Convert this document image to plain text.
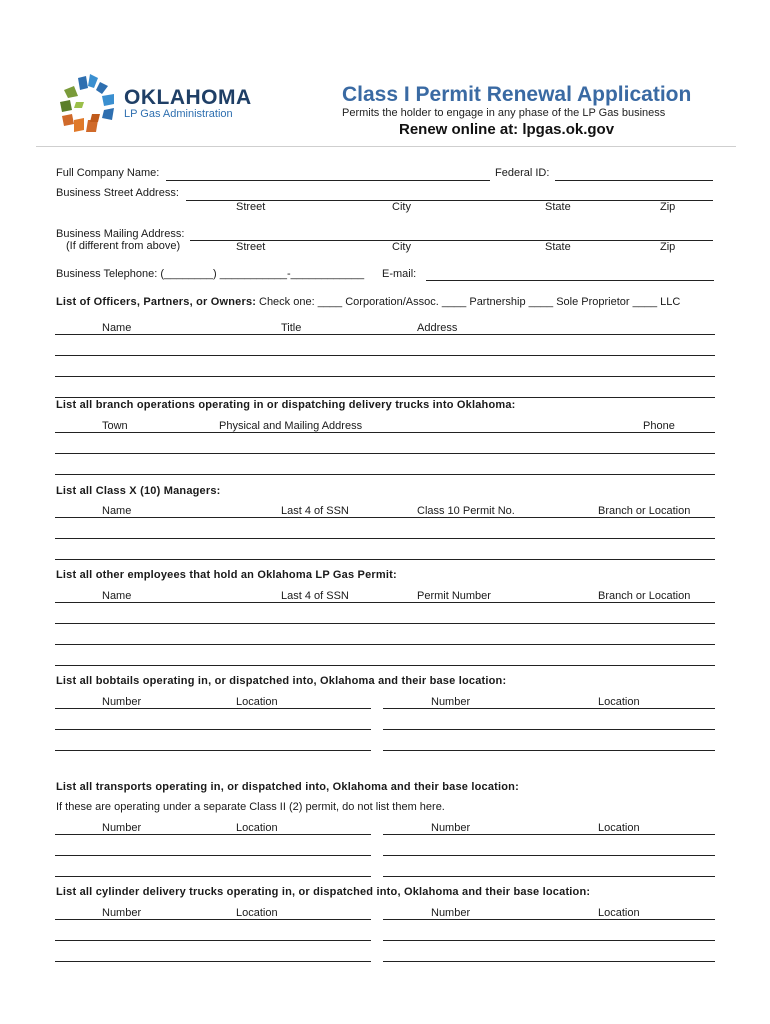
OKLAHOMA
LP Gas Administration
Class I Permit Renewal Application
Permits the holder to engage in any phase of the LP Gas business
Renew online at: lpgas.ok.gov
Full Company Name:	Federal ID:
Business Street Address:
Street	City	State	Zip
Business Mailing Address:
(If different from above)	Street	City	State	Zip
Business Telephone: (________) ___________-____________ E-mail:
List of Officers, Partners, or Owners: Check one: ____ Corporation/Assoc. ____ Partnership ____ Sole Proprietor ____ LLC
Name	Title	Address
List all branch operations operating in or dispatching delivery trucks into Oklahoma:
Town	Physical and Mailing Address	Phone
List all Class X (10) Managers:
Name	Last 4 of SSN	Class 10 Permit No.	Branch or Location
List all other employees that hold an Oklahoma LP Gas Permit:
Name	Last 4 of SSN	Permit Number	Branch or Location
List all bobtails operating in, or dispatched into, Oklahoma and their base location:
Number	Location	Number	Location
List all transports operating in, or dispatched into, Oklahoma and their base location:
If these are operating under a separate Class II (2) permit, do not list them here.
Number	Location	Number	Location
List all cylinder delivery trucks operating in, or dispatched into, Oklahoma and their base location:
Number	Location	Number	Location
